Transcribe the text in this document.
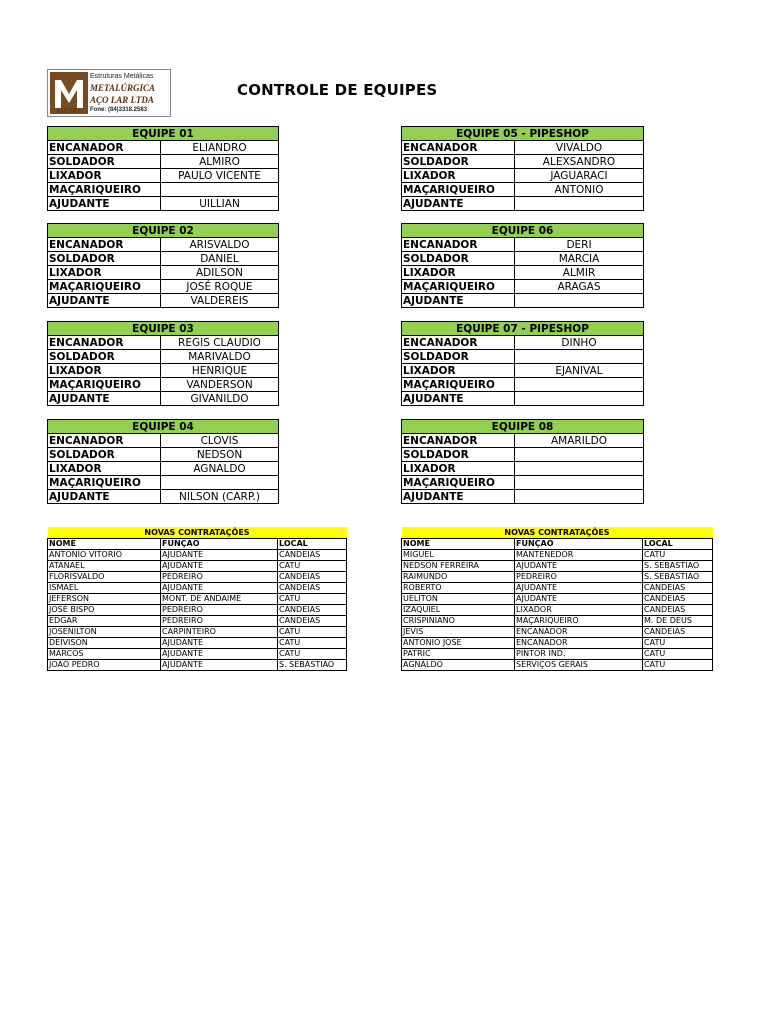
METAL
Estruturas Metálicas
METALÚRGICA
AÇO LAR LTDA
Fone: (84)3318.2583
CONTROLE DE EQUIPES
EQUIPE 01	
ENCANADOR	ELIANDRO
SOLDADOR	ALMIRO
LIXADOR	PAULO VICENTE
MAÇARIQUEIRO	
AJUDANTE	UILLIAN
EQUIPE 02	
ENCANADOR	ARISVALDO
SOLDADOR	DANIEL
LIXADOR	ADILSON
MAÇARIQUEIRO	JOSÉ ROQUE
AJUDANTE	VALDEREIS
EQUIPE 03	
ENCANADOR	REGIS CLAUDIO
SOLDADOR	MARIVALDO
LIXADOR	HENRIQUE
MAÇARIQUEIRO	VANDERSON
AJUDANTE	GIVANILDO
EQUIPE 04	
ENCANADOR	CLOVIS
SOLDADOR	NEDSON
LIXADOR	AGNALDO
MAÇARIQUEIRO	
AJUDANTE	NILSON (CARP.)
EQUIPE 05 - PIPESHOP	
ENCANADOR	VIVALDO
SOLDADOR	ALEXSANDRO
LIXADOR	JAGUARACI
MAÇARIQUEIRO	ANTONIO
AJUDANTE	
EQUIPE 06	
ENCANADOR	DERI
SOLDADOR	MARCIA
LIXADOR	ALMIR
MAÇARIQUEIRO	ARAGAS
AJUDANTE	
EQUIPE 07 - PIPESHOP	
ENCANADOR	DINHO
SOLDADOR	
LIXADOR	EJANIVAL
MAÇARIQUEIRO	
AJUDANTE	
EQUIPE 08	
ENCANADOR	AMARILDO
SOLDADOR	
LIXADOR	
MAÇARIQUEIRO	
AJUDANTE	
NOVAS CONTRATAÇÕES		
NOME	FUNÇAO	LOCAL
ANTONIO VITORIO	AJUDANTE	CANDEIAS
ATANAEL	AJUDANTE	CATU
FLORISVALDO	PEDREIRO	CANDEIAS
ISMAEL	AJUDANTE	CANDEIAS
JEFERSON	MONT. DE ANDAIME	CATU
JOSE BISPO	PEDREIRO	CANDEIAS
EDGAR	PEDREIRO	CANDEIAS
JOSENILTON	CARPINTEIRO	CATU
DEIVISON	AJUDANTE	CATU
MARCOS	AJUDANTE	CATU
JOAO PEDRO	AJUDANTE	S. SEBASTIAO
NOVAS CONTRATAÇÕES		
NOME	FUNÇAO	LOCAL
MIGUEL	MANTENEDOR	CATU
NEDSON FERREIRA	AJUDANTE	S. SEBASTIAO
RAIMUNDO	PEDREIRO	S. SEBASTIAO
ROBERTO	AJUDANTE	CANDEIAS
UELITON	AJUDANTE	CANDEIAS
IZAQUIEL	LIXADOR	CANDEIAS
CRISPINIANO	MAÇARIQUEIRO	M. DE DEUS
JEVIS	ENCANADOR	CANDEIAS
ANTONIO JOSE	ENCANADOR	CATU
PATRIC	PINTOR IND.	CATU
AGNALDO	SERVIÇOS GERAIS	CATU
